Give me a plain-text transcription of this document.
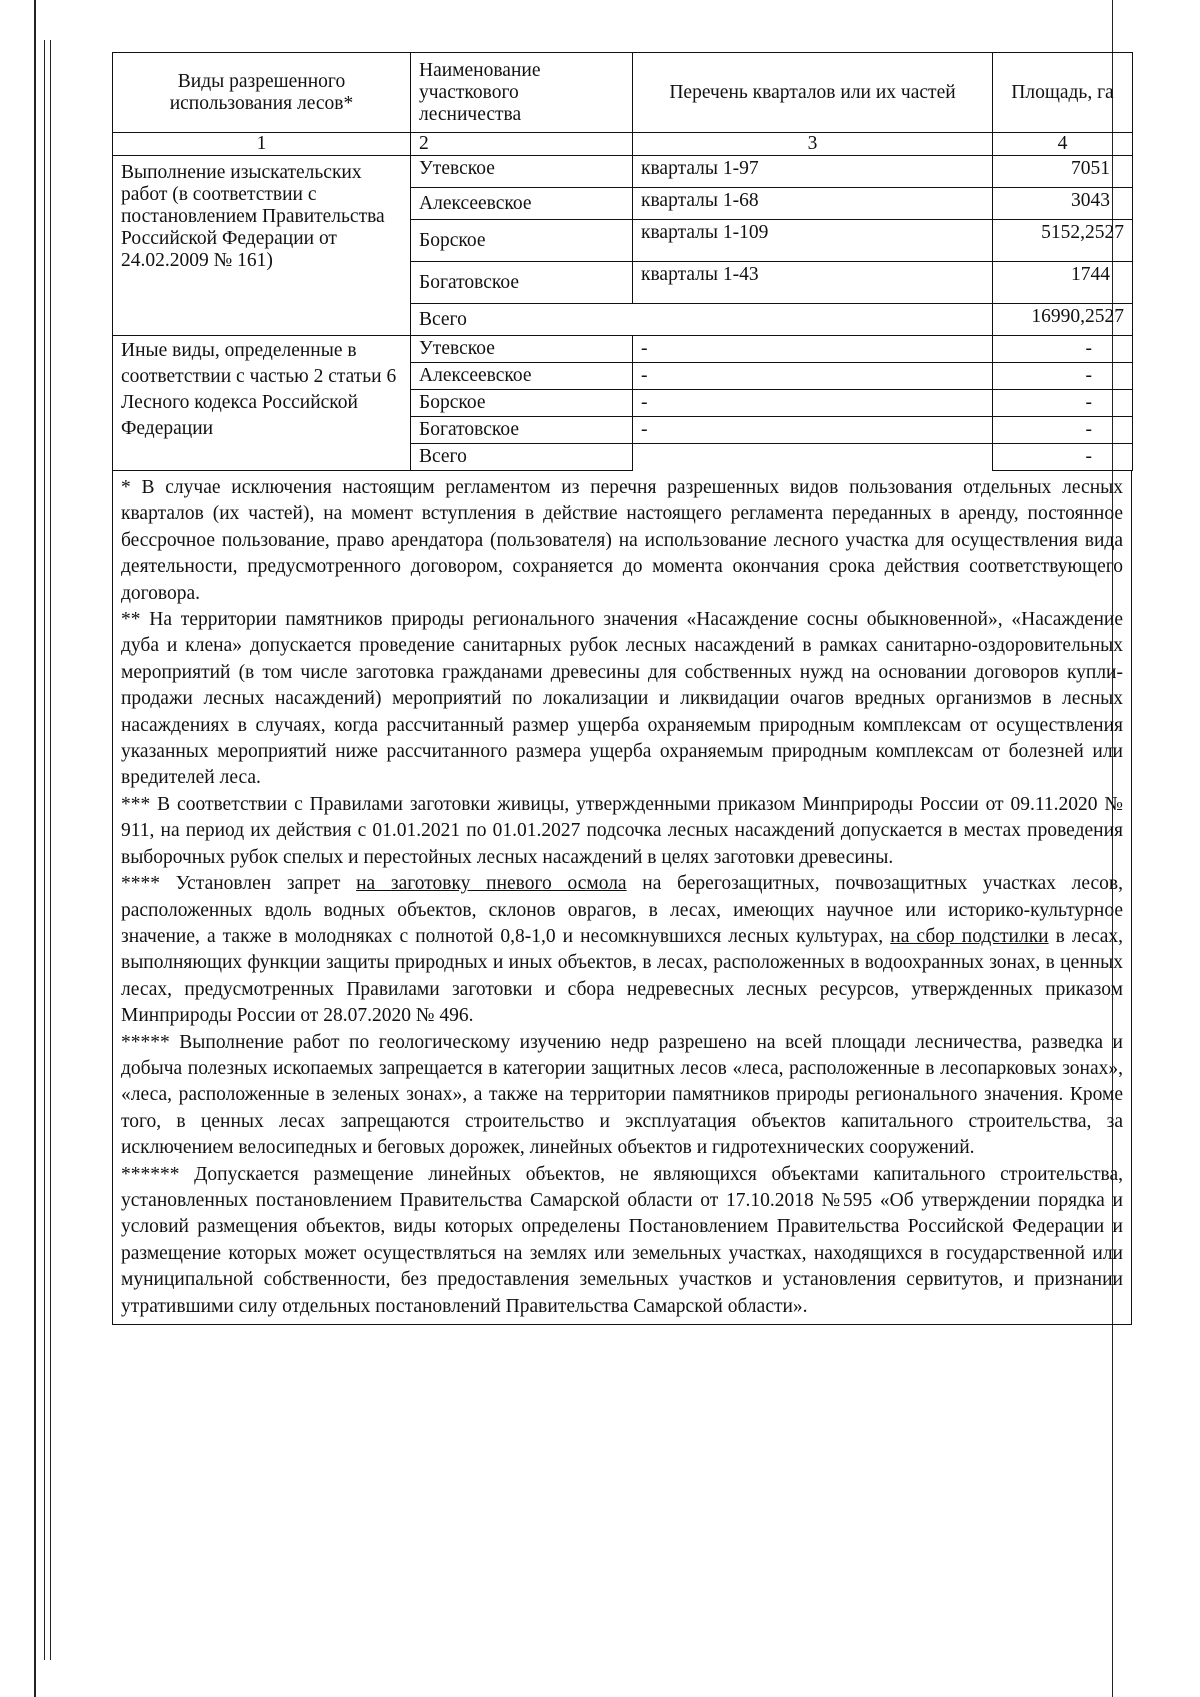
Виды разрешенного использования лесов*	Наименование участкового лесничества	Перечень кварталов или их частей	Площадь, га
1	2	3	4
Выполнение изыскательских работ (в соответствии с постановлением Правительства Российской Федерации от 24.02.2009 № 161)	Утевское	кварталы 1-97	7051
	Алексеевское	кварталы 1-68	3043
	Борское	кварталы 1-109	5152,2527
	Богатовское	кварталы 1-43	1744
	Всего		16990,2527
Иные виды, определенные в соответствии с частью 2 статьи 6 Лесного кодекса Российской Федерации	Утевское	-	-
	Алексеевское	-	-
	Борское	-	-
	Богатовское	-	-
	Всего		-

* В случае исключения настоящим регламентом из перечня разрешенных видов пользования отдельных лесных кварталов (их частей), на момент вступления в действие настоящего регламента переданных в аренду, постоянное бессрочное пользование, право арендатора (пользователя) на использование лесного участка для осуществления вида деятельности, предусмотренного договором, сохраняется до момента окончания срока действия соответствующего договора.

** На территории памятников природы регионального значения «Насаждение сосны обыкновенной», «Насаждение дуба и клена» допускается проведение санитарных рубок лесных насаждений в рамках санитарно-оздоровительных мероприятий (в том числе заготовка гражданами древесины для собственных нужд на основании договоров купли-продажи лесных насаждений) мероприятий по локализации и ликвидации очагов вредных организмов в лесных насаждениях в случаях, когда рассчитанный размер ущерба охраняемым природным комплексам от осуществления указанных мероприятий ниже рассчитанного размера ущерба охраняемым природным комплексам от болезней или вредителей леса.

*** В соответствии с Правилами заготовки живицы, утвержденными приказом Минприроды России от 09.11.2020 № 911, на период их действия с 01.01.2021 по 01.01.2027 подсочка лесных насаждений допускается в местах проведения выборочных рубок спелых и перестойных лесных насаждений в целях заготовки древесины.

**** Установлен запрет на заготовку пневого осмола на берегозащитных, почвозащитных участках лесов, расположенных вдоль водных объектов, склонов оврагов, в лесах, имеющих научное или историко-культурное значение, а также в молодняках с полнотой 0,8-1,0 и несомкнувшихся лесных культурах, на сбор подстилки в лесах, выполняющих функции защиты природных и иных объектов, в лесах, расположенных в водоохранных зонах, в ценных лесах, предусмотренных Правилами заготовки и сбора недревесных лесных ресурсов, утвержденных приказом Минприроды России от 28.07.2020 № 496.

***** Выполнение работ по геологическому изучению недр разрешено на всей площади лесничества, разведка и добыча полезных ископаемых запрещается в категории защитных лесов «леса, расположенные в лесопарковых зонах», «леса, расположенные в зеленых зонах», а также на территории памятников природы регионального значения. Кроме того, в ценных лесах запрещаются строительство и эксплуатация объектов капитального строительства, за исключением велосипедных и беговых дорожек, линейных объектов и гидротехнических сооружений.

****** Допускается размещение линейных объектов, не являющихся объектами капитального строительства, установленных постановлением Правительства Самарской области от 17.10.2018 №595 «Об утверждении порядка и условий размещения объектов, виды которых определены Постановлением Правительства Российской Федерации и размещение которых может осуществляться на землях или земельных участках, находящихся в государственной или муниципальной собственности, без предоставления земельных участков и установления сервитутов, и признании утратившими силу отдельных постановлений Правительства Самарской области».
